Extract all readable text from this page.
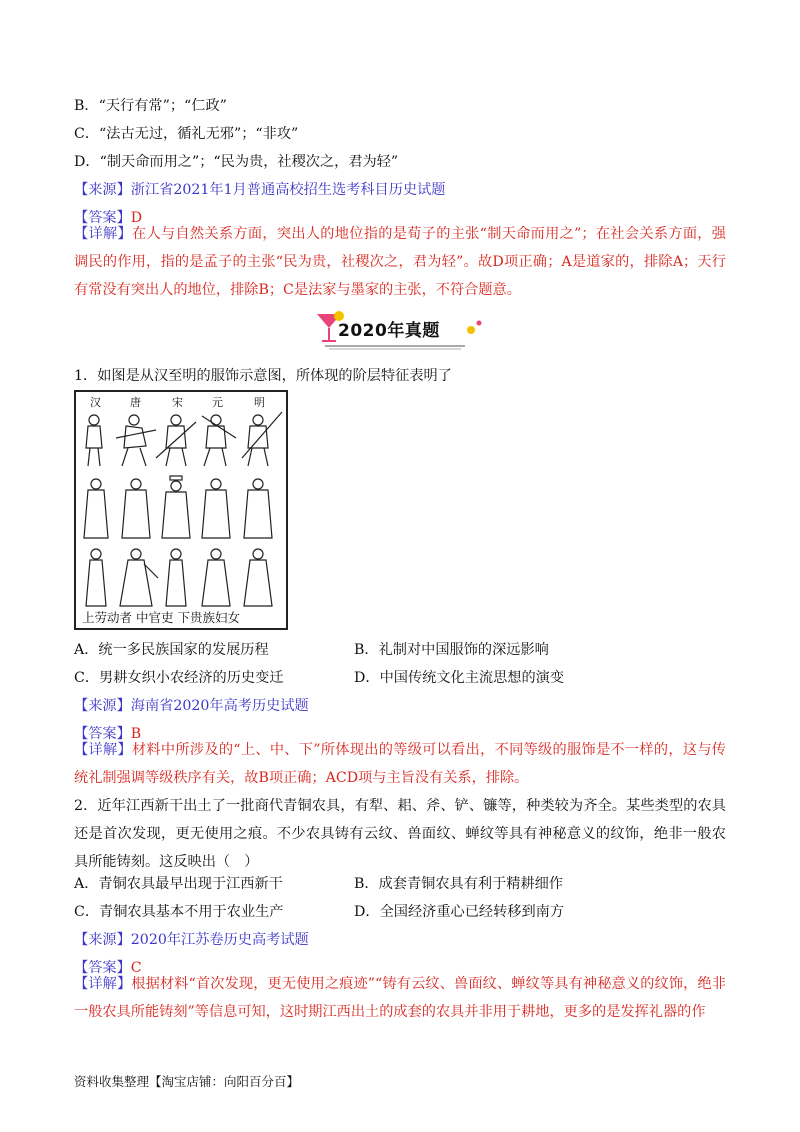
B．“天行有常”；“仁政”
C．“法古无过，循礼无邪”；“非攻”
D．“制天命而用之”；“民为贵，社稷次之，君为轻”
【来源】浙江省2021年1月普通高校招生选考科目历史试题
【答案】D
【详解】在人与自然关系方面，突出人的地位指的是荀子的主张“制天命而用之”；在社会关系方面，强调民的作用，指的是孟子的主张“民为贵，社稷次之，君为轻”。故D项正确；A是道家的，排除A；天行有常没有突出人的地位，排除B；C是法家与墨家的主张，不符合题意。
2020年真题
1．如图是从汉至明的服饰示意图，所体现的阶层特征表明了
汉	唐	宋	元	明
上劳动者 中官吏 下贵族妇女
A．统一多民族国家的发展历程	B．礼制对中国服饰的深远影响
C．男耕女织小农经济的历史变迁	D．中国传统文化主流思想的演变
【来源】海南省2020年高考历史试题
【答案】B
【详解】材料中所涉及的“上、中、下”所体现出的等级可以看出，不同等级的服饰是不一样的，这与传统礼制强调等级秩序有关，故B项正确；ACD项与主旨没有关系，排除。
2．近年江西新干出土了一批商代青铜农具，有犁、耜、斧、铲、镰等，种类较为齐全。某些类型的农具还是首次发现，更无使用之痕。不少农具铸有云纹、兽面纹、蝉纹等具有神秘意义的纹饰，绝非一般农具所能铸刻。这反映出（　）
A．青铜农具最早出现于江西新干	B．成套青铜农具有利于精耕细作
C．青铜农具基本不用于农业生产	D．全国经济重心已经转移到南方
【来源】2020年江苏卷历史高考试题
【答案】C
【详解】根据材料“首次发现，更无使用之痕迹”“铸有云纹、兽面纹、蝉纹等具有神秘意义的纹饰，绝非一般农具所能铸刻”等信息可知，这时期江西出土的成套的农具并非用于耕地，更多的是发挥礼器的作
资料收集整理【淘宝店铺：向阳百分百】
